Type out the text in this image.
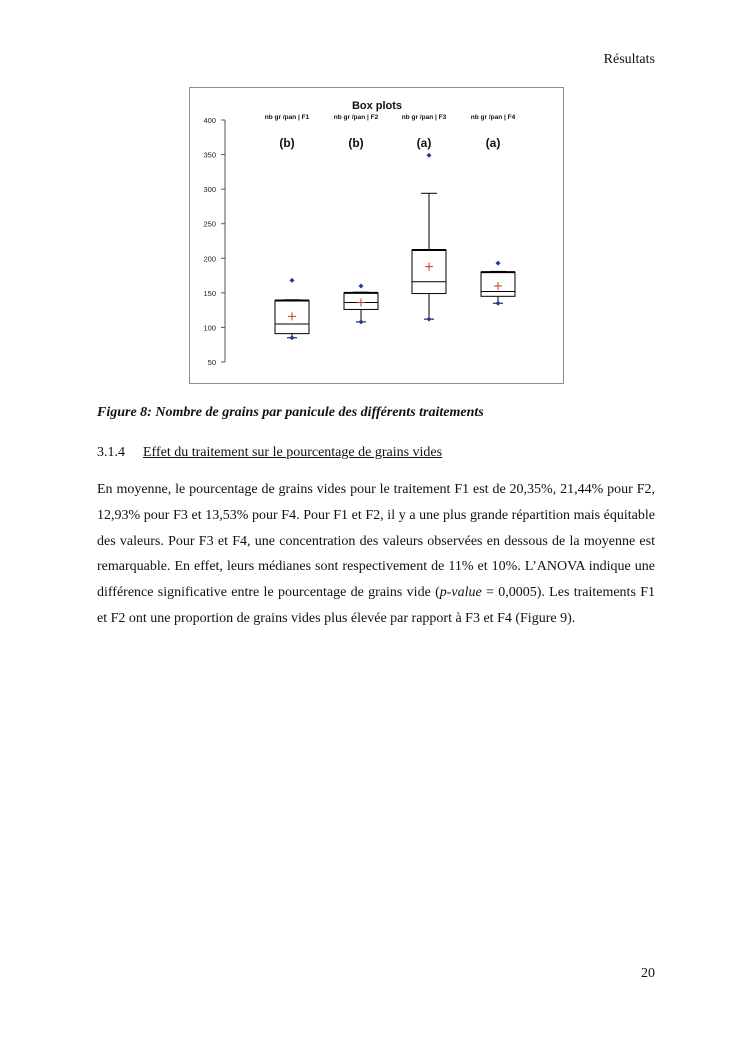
Résultats
Box plots
50
100
150
200
250
300
350
400	nb gr /pan | F1
(b)
nb gr /pan | F2
(b)
nb gr /pan | F3
(a)
nb gr /pan | F4
(a)
Figure 8: Nombre de grains par panicule des différents traitements
3.1.4 Effet du traitement sur le pourcentage de grains vides

En moyenne, le pourcentage de grains vides pour le traitement F1 est de 20,35%, 21,44% pour F2, 12,93% pour F3 et 13,53% pour F4. Pour F1 et F2, il y a une plus grande répartition mais équitable des valeurs. Pour F3 et F4, une concentration des valeurs observées en dessous de la moyenne est remarquable. En effet, leurs médianes sont respectivement de 11% et 10%. L’ANOVA indique une différence significative entre le pourcentage de grains vide (p-value = 0,0005). Les traitements F1 et F2 ont une proportion de grains vides plus élevée par rapport à F3 et F4 (Figure 9).

20
